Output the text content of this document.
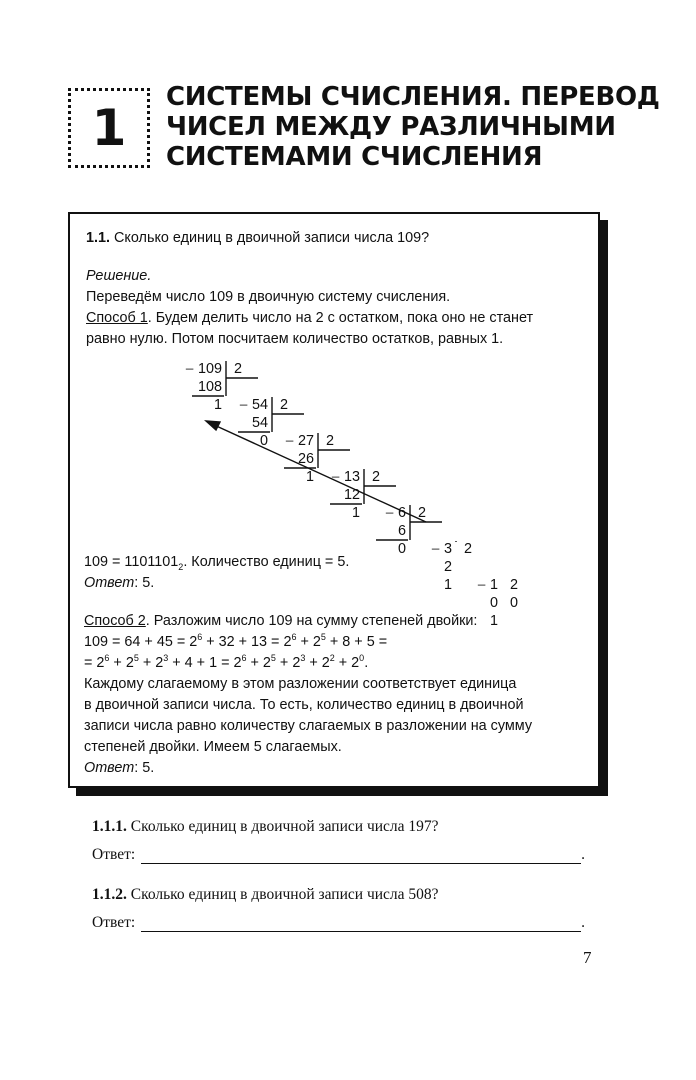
1
СИСТЕМЫ СЧИСЛЕНИЯ. ПЕРЕВОД
ЧИСЕЛ МЕЖДУ РАЗЛИЧНЫМИ
СИСТЕМАМИ СЧИСЛЕНИЯ

1.1. Сколько единиц в двоичной записи числа 109?

Решение.

Переведём число 109 в двоичную систему счисления.

Способ 1. Будем делить число на 2 с остатком, пока оно не станет

равно нулю. Потом посчитаем количество остатков, равных 1.

109
108
1
_	2
54
54
0
_ 2
27
26
1
_ 2
13
12
1
_ 2
6
6
0
_ 2
3
2
1
_ 2
1
0
1
_ 2
0

$109 = 1101101_2$. Количество единиц = 5.

Ответ: 5.

Способ 2. Разложим число 109 на сумму степеней двойки:

$109 = 64 + 45 = 2^6 + 32 + 13 = 2^6 + 2^5 + 8 + 5$ =

= $2^6 + 2^5 + 2^3 + 4 + 1 = 2^6 + 2^5 + 2^3 + 2^2 + 2^0$.

Каждому слагаемому в этом разложении соответствует единица

в двоичной записи числа. То есть, количество единиц в двоичной

записи числа равно количеству слагаемых в разложении на сумму

степеней двойки. Имеем 5 слагаемых.

Ответ: 5.

1.1.1. Сколько единиц в двоичной записи числа 197?
Ответ:	.
1.1.2. Сколько единиц в двоичной записи числа 508?
Ответ:	.
7
